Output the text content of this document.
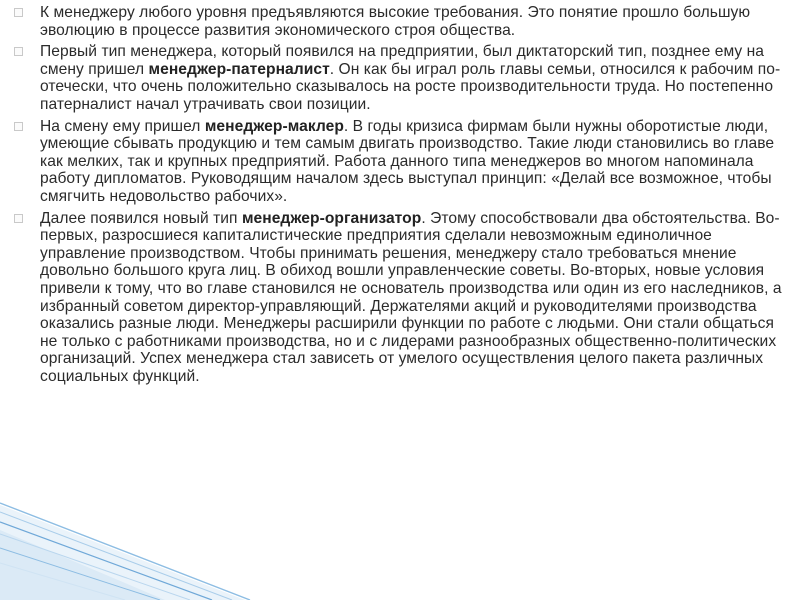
К менеджеру любого уровня предъявляются высокие требования. Это понятие прошло большую эволюцию в процессе развития экономического строя общества.

Первый тип менеджера, который появился на предприятии, был диктаторский тип, позднее ему на смену пришел менеджер-патерналист. Он как бы играл роль главы семьи, относился к рабочим по-отечески, что очень положительно сказывалось на росте производительности труда. Но постепенно патерналист начал утрачивать свои позиции.

На смену ему пришел менеджер-маклер. В годы кризиса фирмам были нужны оборотистые люди, умеющие сбывать продукцию и тем самым двигать производство. Такие люди становились во главе как мелких, так и крупных предприятий. Работа данного типа менеджеров во многом напоминала работу дипломатов. Руководящим началом здесь выступал принцип: «Делай все возможное, чтобы смягчить недовольство рабочих».

Далее появился новый тип менеджер-организатор. Этому способствовали два обстоятельства. Во-первых, разросшиеся капиталистические предприятия сделали невозможным единоличное управление производством. Чтобы принимать решения, менеджеру стало требоваться мнение довольно большого круга лиц. В обиход вошли управленческие советы. Во-вторых, новые условия привели к тому, что во главе становился не основатель производства или один из его наследников, а избранный советом директор-управляющий. Держателями акций и руководителями производства оказались разные люди. Менеджеры расширили функции по работе с людьми. Они стали общаться не только с работниками производства, но и с лидерами разнообразных общественно-политических организаций. Успех менеджера стал зависеть от умелого осуществления целого пакета различных социальных функций.
